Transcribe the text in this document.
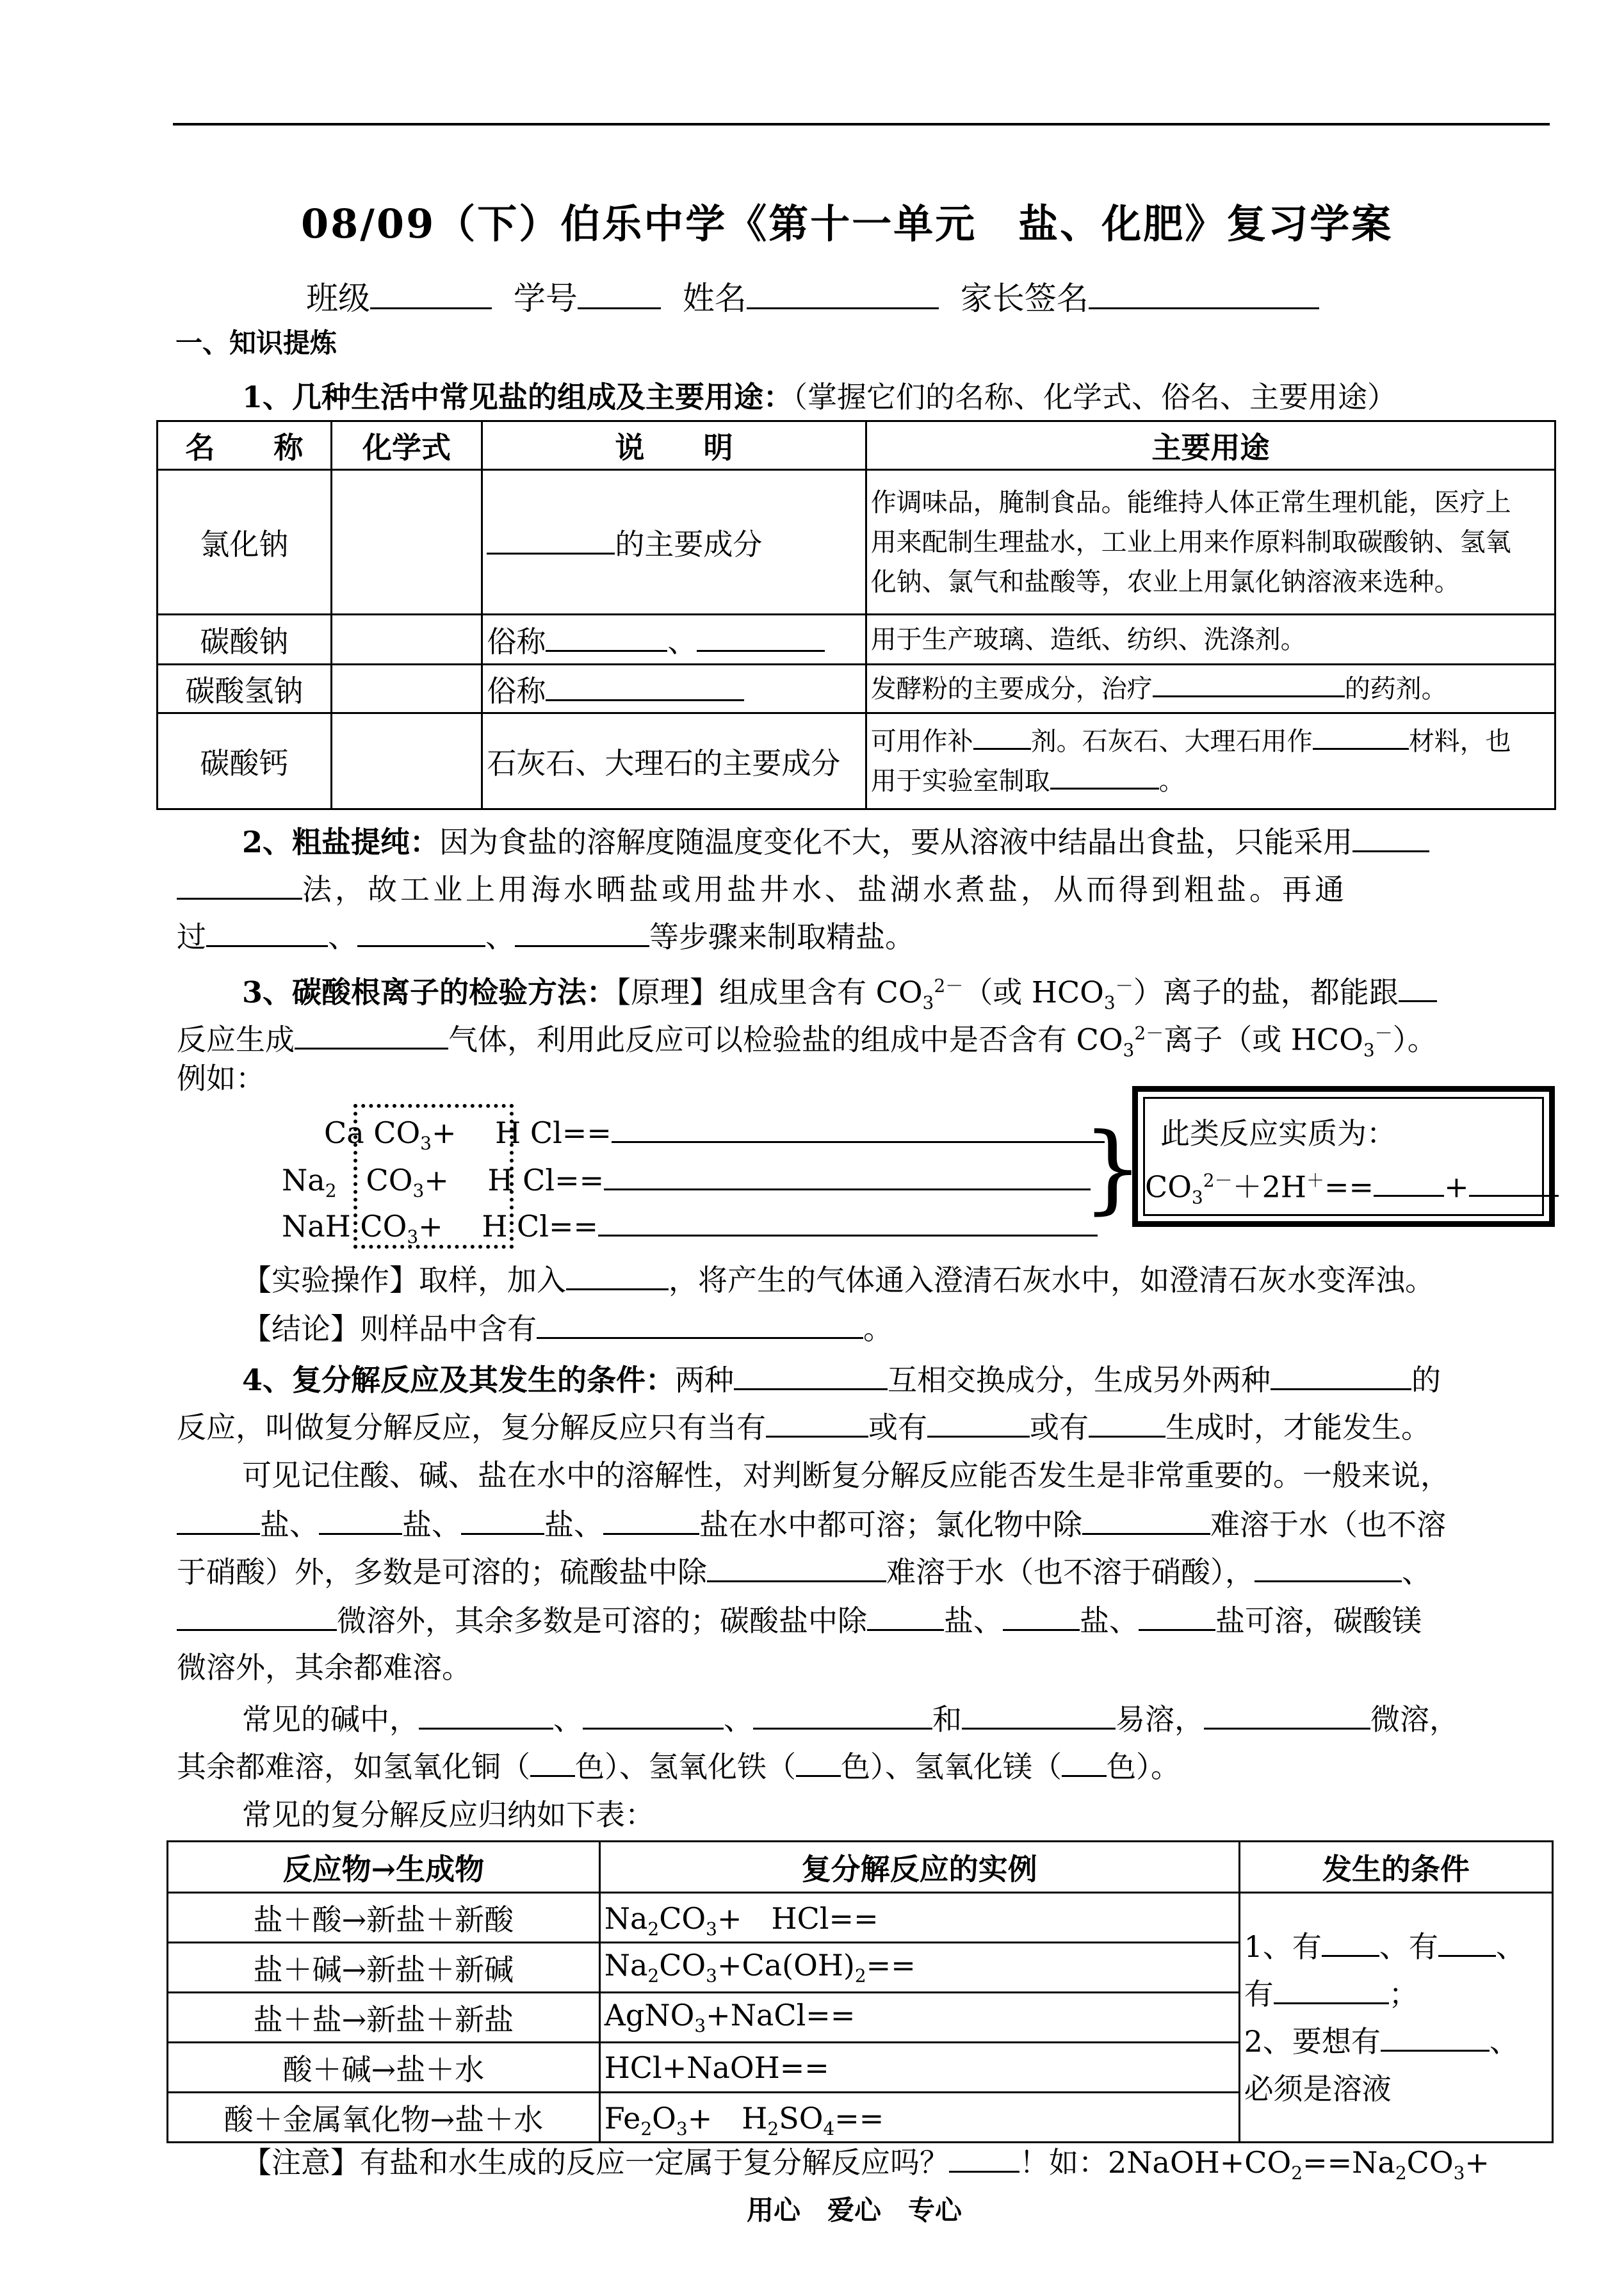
08/09（下）伯乐中学《第十一单元　盐、化肥》复习学案
班级	学号	姓名	家长签名
一、知识提炼
1、几种生活中常见盐的组成及主要用途：（掌握它们的名称、化学式、俗名、主要用途）
名　　称	化学式	说　　明	主要用途
氯化钠		的主要成分	作调味品，腌制食品。能维持人体正常生理机能，医疗上
用来配制生理盐水，工业上用来作原料制取碳酸钠、氢氧
化钠、氯气和盐酸等，农业上用氯化钠溶液来选种。

碳酸钠		俗称 、	用于生产玻璃、造纸、纺织、洗涤剂。
碳酸氢钠		俗称	发酵粉的主要成分，治疗 的药剂。
碳酸钙		石灰石、大理石的主要成分	可用作补 剂。石灰石、大理石用作 材料，也
用于实验室制取 。
2、粗盐提纯：因为食盐的溶解度随温度变化不大，要从溶液中结晶出食盐，只能采用
法，故工业上用海水晒盐或用盐井水、盐湖水煮盐，从而得到粗盐。再通
过	、	、	等步骤来制取精盐。
3、碳酸根离子的检验方法：【原理】组成里含有 $CO_3^{2-}$（或 $HCO_3^-$）离子的盐，都能跟
反应生成	气体，利用此反应可以检验盐的组成中是否含有 $CO_3^{2-}$离子（或 $HCO_3^-$）。
例如：
Ca $CO_3+$　 H Cl==
$Na_2$　$CO_3+$　 H Cl==
NaH $CO_3+$　 H Cl==
} 此类反应实质为：
$CO_3^{2-}+2H^+==$ +
【实验操作】取样，加入	，将产生的气体通入澄清石灰水中，如澄清石灰水变浑浊。
【结论】则样品中含有	。
4、复分解反应及其发生的条件：两种	互相交换成分，生成另外两种	的
反应，叫做复分解反应，复分解反应只有当有	或有	或有	生成时，才能发生。
可见记住酸、碱、盐在水中的溶解性，对判断复分解反应能否发生是非常重要的。一般来说，
盐、	盐、	盐、	盐在水中都可溶；氯化物中除	难溶于水（也不溶
于硝酸）外，多数是可溶的；硫酸盐中除	难溶于水（也不溶于硝酸），	、
微溶外，其余多数是可溶的；碳酸盐中除	盐、	盐、	盐可溶，碳酸镁
微溶外，其余都难溶。
常见的碱中，	、	、	和	易溶，	微溶，
其余都难溶，如氢氧化铜（ 色）、氢氧化铁（ 色）、氢氧化镁（ 色）。
常见的复分解反应归纳如下表：
反应物→生成物	复分解反应的实例	发生的条件
盐＋酸→新盐＋新酸	$Na_2CO_3+$　HCl==	1、有 、有 、
有 ；
2、要想有 、
必须是溶液

盐＋碱→新盐＋新碱	$Na_2CO_3+Ca(OH)_2==$	
盐＋盐→新盐＋新盐	AgNO$_3$+NaCl==	
酸＋碱→盐＋水	HCl+NaOH==	
酸＋金属氧化物→盐＋水	$Fe_2O_3+$　$H_2SO_4==$	
【注意】有盐和水生成的反应一定属于复分解反应吗？ ！如：$2NaOH+CO_2==Na_2CO_3+$
用心　爱心　专心
